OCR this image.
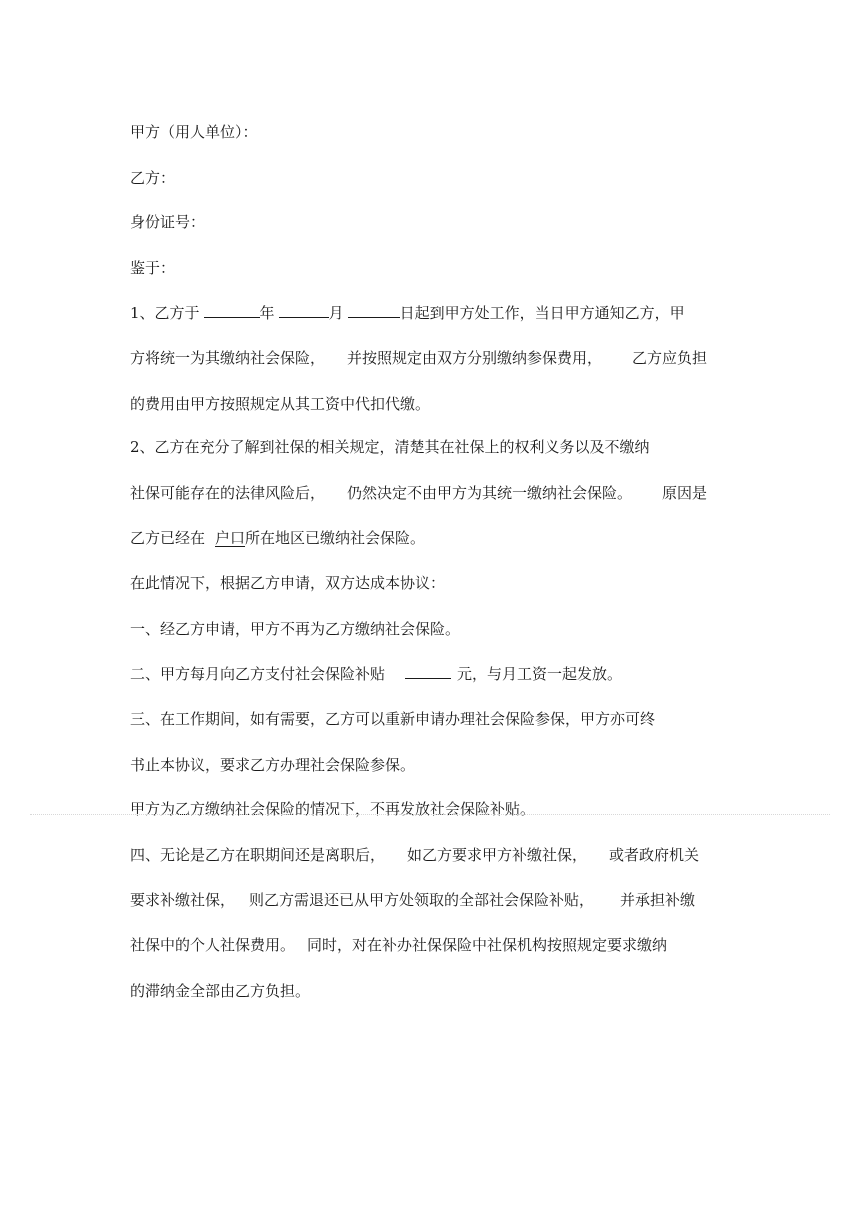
甲方（用人单位）：
乙方：
身份证号：
鉴于：
1、乙方于	年	月	日起到甲方处工作，当日甲方通知乙方，甲
方将统一为其缴纳社会保险， 并按照规定由双方分别缴纳参保费用， 乙方应负担
的费用由甲方按照规定从其工资中代扣代缴。
2、乙方在充分了解到社保的相关规定，清楚其在社保上的权利义务以及不缴纳
社保可能存在的法律风险后， 仍然决定不由甲方为其统一缴纳社会保险。 原因是
乙方已经在 户口所在地区已缴纳社会保险。
在此情况下，根据乙方申请，双方达成本协议：
一、经乙方申请，甲方不再为乙方缴纳社会保险。
二、甲方每月向乙方支付社会保险补贴	元，与月工资一起发放。
三、在工作期间，如有需要，乙方可以重新申请办理社会保险参保，甲方亦可终
书止本协议，要求乙方办理社会保险参保。
甲方为乙方缴纳社会保险的情况下，不再发放社会保险补贴。
四、无论是乙方在职期间还是离职后， 如乙方要求甲方补缴社保， 或者政府机关
要求补缴社保， 则乙方需退还已从甲方处领取的全部社会保险补贴， 并承担补缴
社保中的个人社保费用。 同时，对在补办社保保险中社保机构按照规定要求缴纳
的滞纳金全部由乙方负担。
